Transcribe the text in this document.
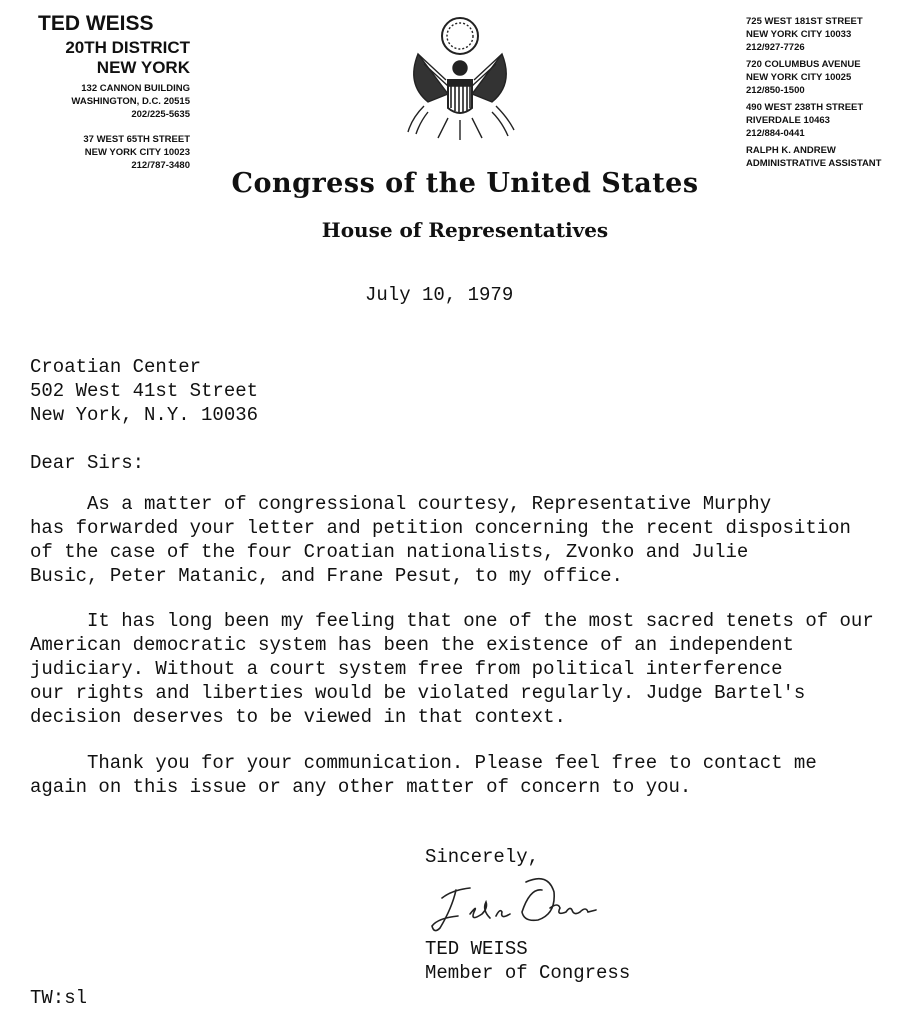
TED WEISS
20TH DISTRICT
NEW YORK
132 CANNON BUILDING
WASHINGTON, D.C. 20515
202/225-5635
37 WEST 65TH STREET
NEW YORK CITY 10023
212/787-3480
725 WEST 181ST STREET
NEW YORK CITY 10033
212/927-7726
720 COLUMBUS AVENUE
NEW YORK CITY 10025
212/850-1500
490 WEST 238TH STREET
RIVERDALE 10463
212/884-0441
RALPH K. ANDREW
ADMINISTRATIVE ASSISTANT
Congress of the United States
House of Representatives
July 10, 1979
Croatian Center
502 West 41st Street
New York, N.Y. 10036
Dear Sirs:
As a matter of congressional courtesy, Representative Murphy
has forwarded your letter and petition concerning the recent disposition
of the case of the four Croatian nationalists, Zvonko and Julie
Busic, Peter Matanic, and Frane Pesut, to my office.
It has long been my feeling that one of the most sacred tenets of our
American democratic system has been the existence of an independent
judiciary. Without a court system free from political interference
our rights and liberties would be violated regularly. Judge Bartel's
decision deserves to be viewed in that context.
Thank you for your communication. Please feel free to contact me
again on this issue or any other matter of concern to you.
Sincerely,
TED WEISS
Member of Congress
TW:sl
